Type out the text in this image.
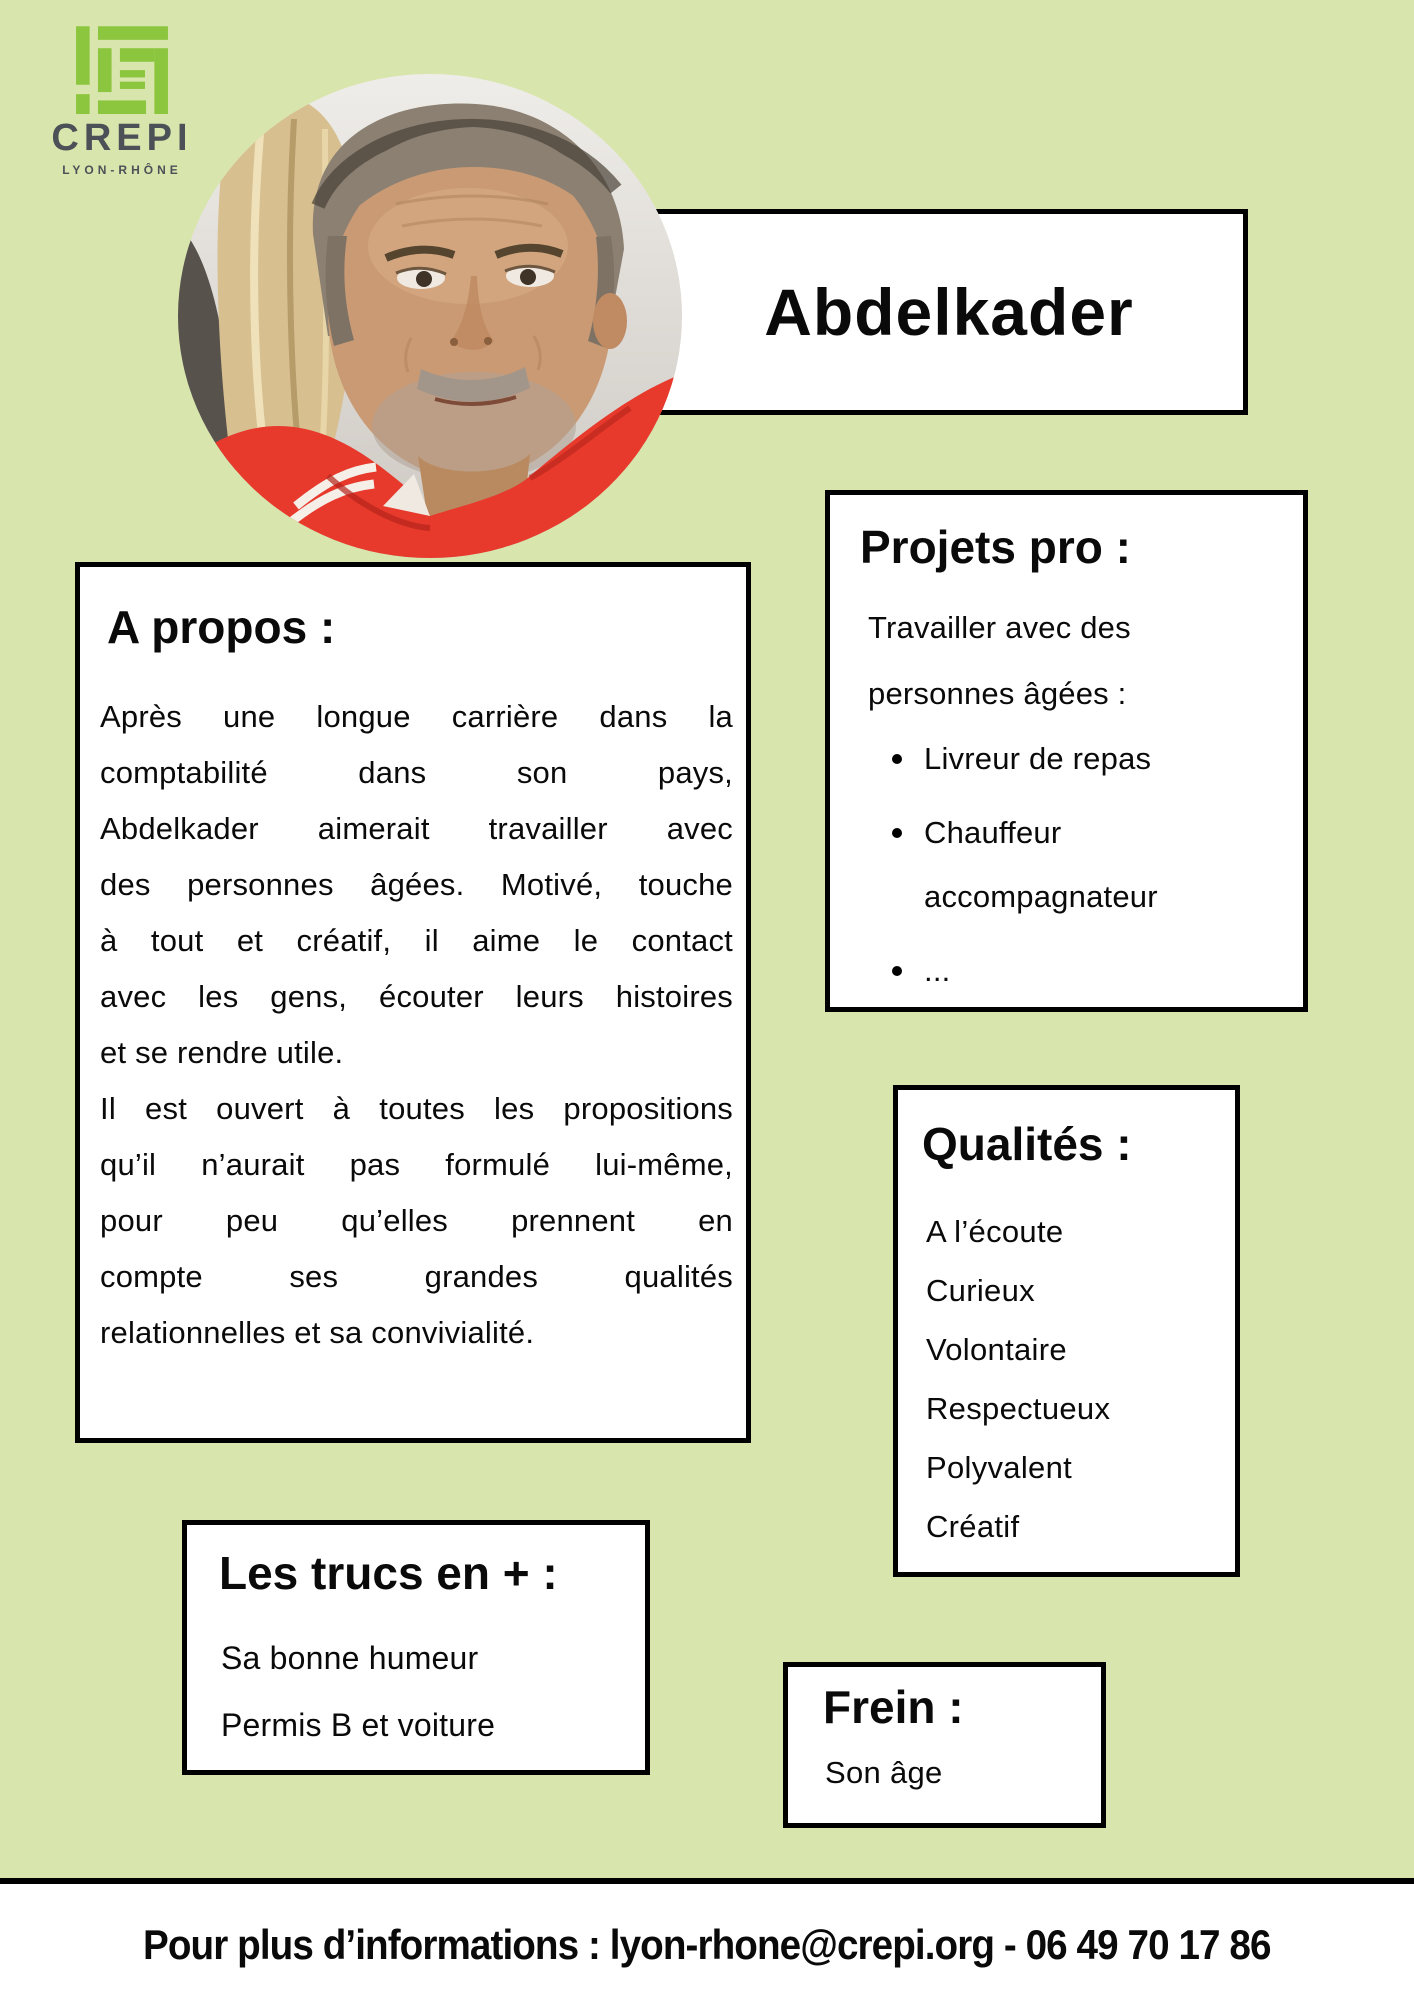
CREPI
LYON-RHÔNE
Abdelkader
A propos :
Après une longue carrière dans la
comptabilité dans son pays,
Abdelkader aimerait travailler avec
des personnes âgées. Motivé, touche
à tout et créatif, il aime le contact
avec les gens, écouter leurs histoires
et se rendre utile.
Il est ouvert à toutes les propositions
qu’il n’aurait pas formulé lui-même,
pour peu qu’elles prennent en
compte ses grandes qualités
relationnelles et sa convivialité.
Projets pro :
Travailler avec des personnes âgées :
Livreur de repas
Chauffeur accompagnateur
...
Qualités :
A l’écoute
Curieux
Volontaire
Respectueux
Polyvalent
Créatif
Les trucs en + :
Sa bonne humeur
Permis B et voiture	Frein :
Son âge
Pour plus d’informations : lyon-rhone@crepi.org - 06 49 70 17 86
